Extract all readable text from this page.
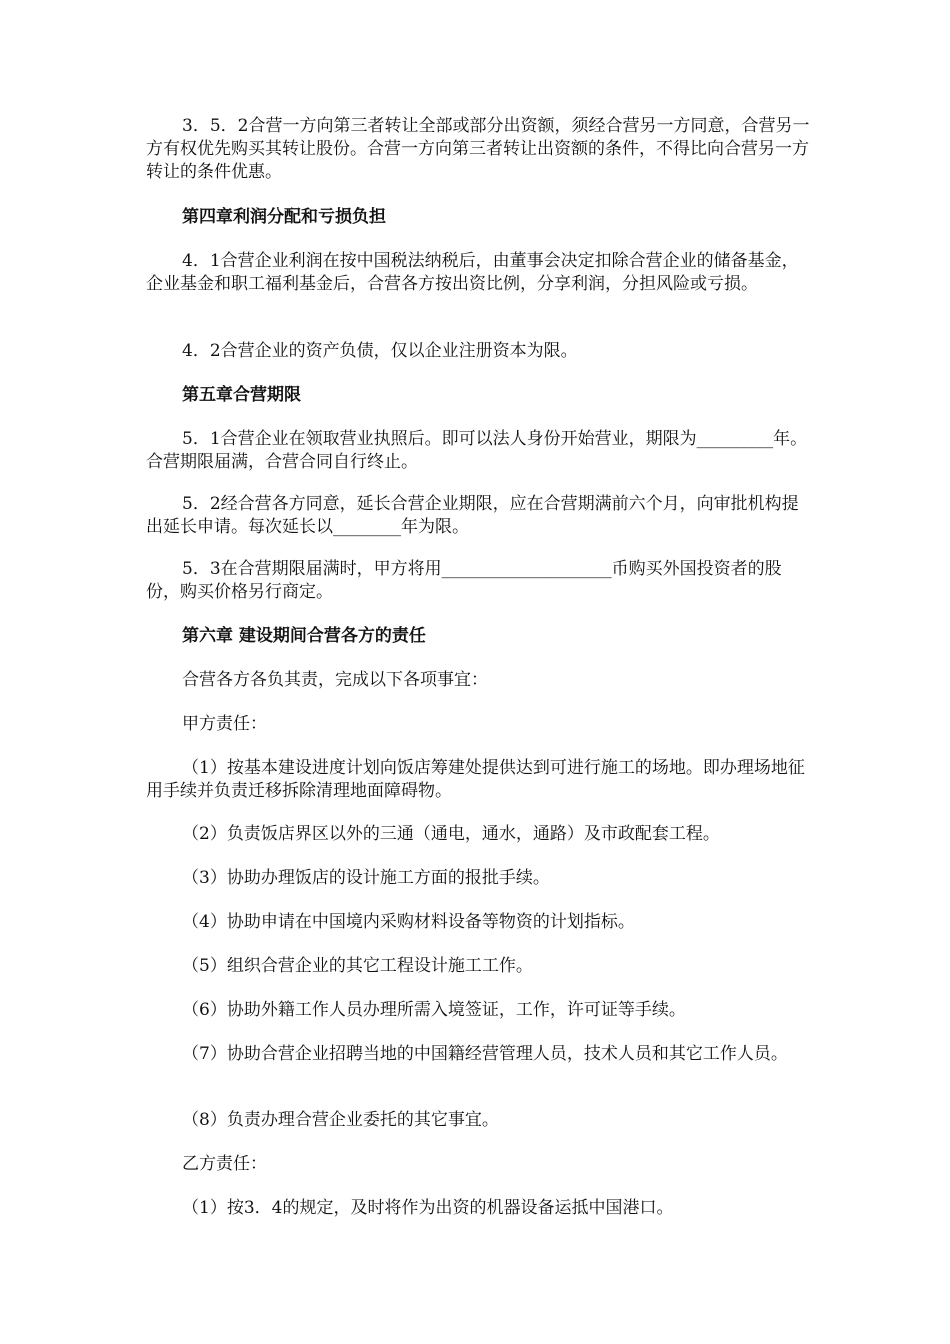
3．5．2合营一方向第三者转让全部或部分出资额，须经合营另一方同意，合营另一方有权优先购买其转让股份。合营一方向第三者转让出资额的条件，不得比向合营另一方转让的条件优惠。

第四章利润分配和亏损负担

4．1合营企业利润在按中国税法纳税后，由董事会决定扣除合营企业的储备基金，企业基金和职工福利基金后，合营各方按出资比例，分享利润，分担风险或亏损。

4．2合营企业的资产负债，仅以企业注册资本为限。

第五章合营期限

5．1合营企业在领取营业执照后。即可以法人身份开始营业，期限为_________年。合营期限届满，合营合同自行终止。

5．2经合营各方同意，延长合营企业期限，应在合营期满前六个月，向审批机构提出延长申请。每次延长以________年为限。

5．3在合营期限届满时，甲方将用____________________币购买外国投资者的股份，购买价格另行商定。

第六章 建设期间合营各方的责任

合营各方各负其责，完成以下各项事宜：

甲方责任：

（1）按基本建设进度计划向饭店筹建处提供达到可进行施工的场地。即办理场地征用手续并负责迁移拆除清理地面障碍物。

（2）负责饭店界区以外的三通（通电，通水，通路）及市政配套工程。

（3）协助办理饭店的设计施工方面的报批手续。

（4）协助申请在中国境内采购材料设备等物资的计划指标。

（5）组织合营企业的其它工程设计施工工作。

（6）协助外籍工作人员办理所需入境签证，工作，许可证等手续。

（7）协助合营企业招聘当地的中国籍经营管理人员，技术人员和其它工作人员。

（8）负责办理合营企业委托的其它事宜。

乙方责任：

（1）按3．4的规定，及时将作为出资的机器设备运抵中国港口。
